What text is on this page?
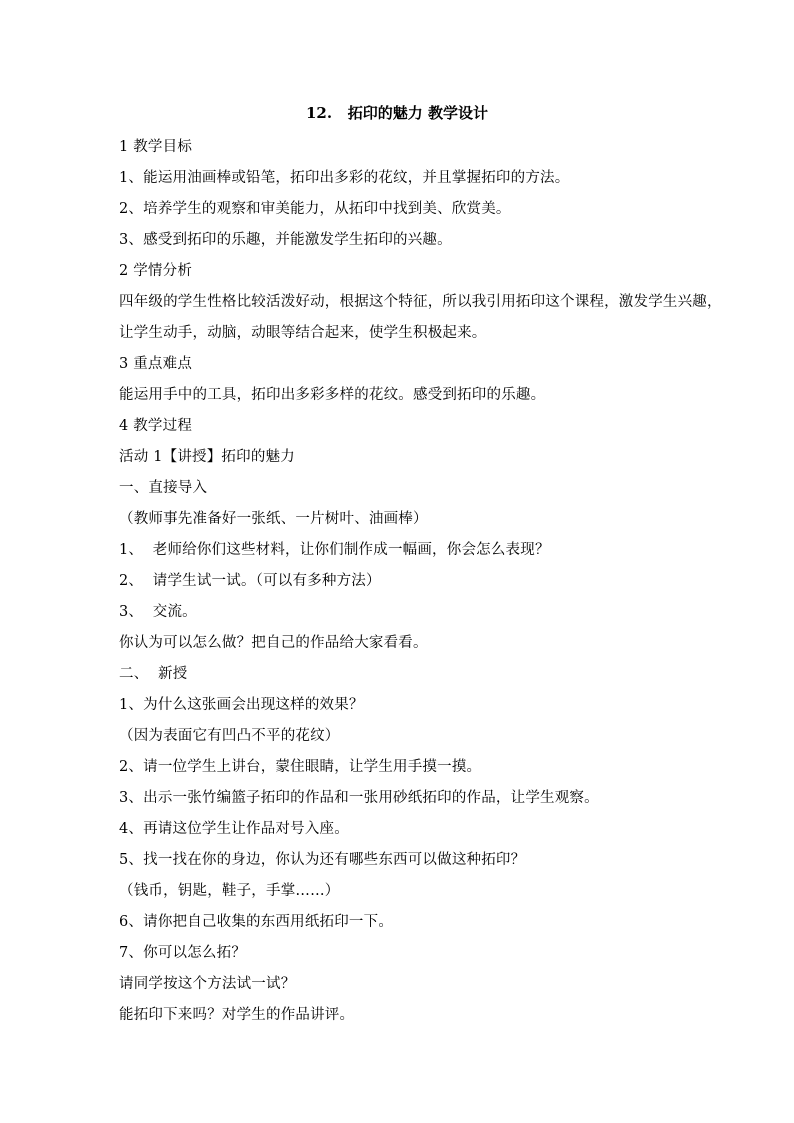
12.   拓印的魅力 教学设计
1 教学目标
1、能运用油画棒或铅笔，拓印出多彩的花纹，并且掌握拓印的方法。
2、培养学生的观察和审美能力，从拓印中找到美、欣赏美。
3、感受到拓印的乐趣，并能激发学生拓印的兴趣。
2 学情分析
四年级的学生性格比较活泼好动，根据这个特征，所以我引用拓印这个课程，激发学生兴趣，
让学生动手，动脑，动眼等结合起来，使学生积极起来。
3 重点难点
能运用手中的工具，拓印出多彩多样的花纹。感受到拓印的乐趣。
4 教学过程
活动 1【讲授】拓印的魅力
一、直接导入
（教师事先准备好一张纸、一片树叶、油画棒）
1、  老师给你们这些材料，让你们制作成一幅画，你会怎么表现？
2、  请学生试一试。（可以有多种方法）
3、  交流。
你认为可以怎么做？把自己的作品给大家看看。
二、  新授
1、为什么这张画会出现这样的效果？
（因为表面它有凹凸不平的花纹）
2、请一位学生上讲台，蒙住眼睛，让学生用手摸一摸。
3、出示一张竹编篮子拓印的作品和一张用砂纸拓印的作品，让学生观察。
4、再请这位学生让作品对号入座。
5、找一找在你的身边，你认为还有哪些东西可以做这种拓印？
（钱币，钥匙，鞋子，手掌……）
6、请你把自己收集的东西用纸拓印一下。
7、你可以怎么拓？
请同学按这个方法试一试？
能拓印下来吗？对学生的作品讲评。
